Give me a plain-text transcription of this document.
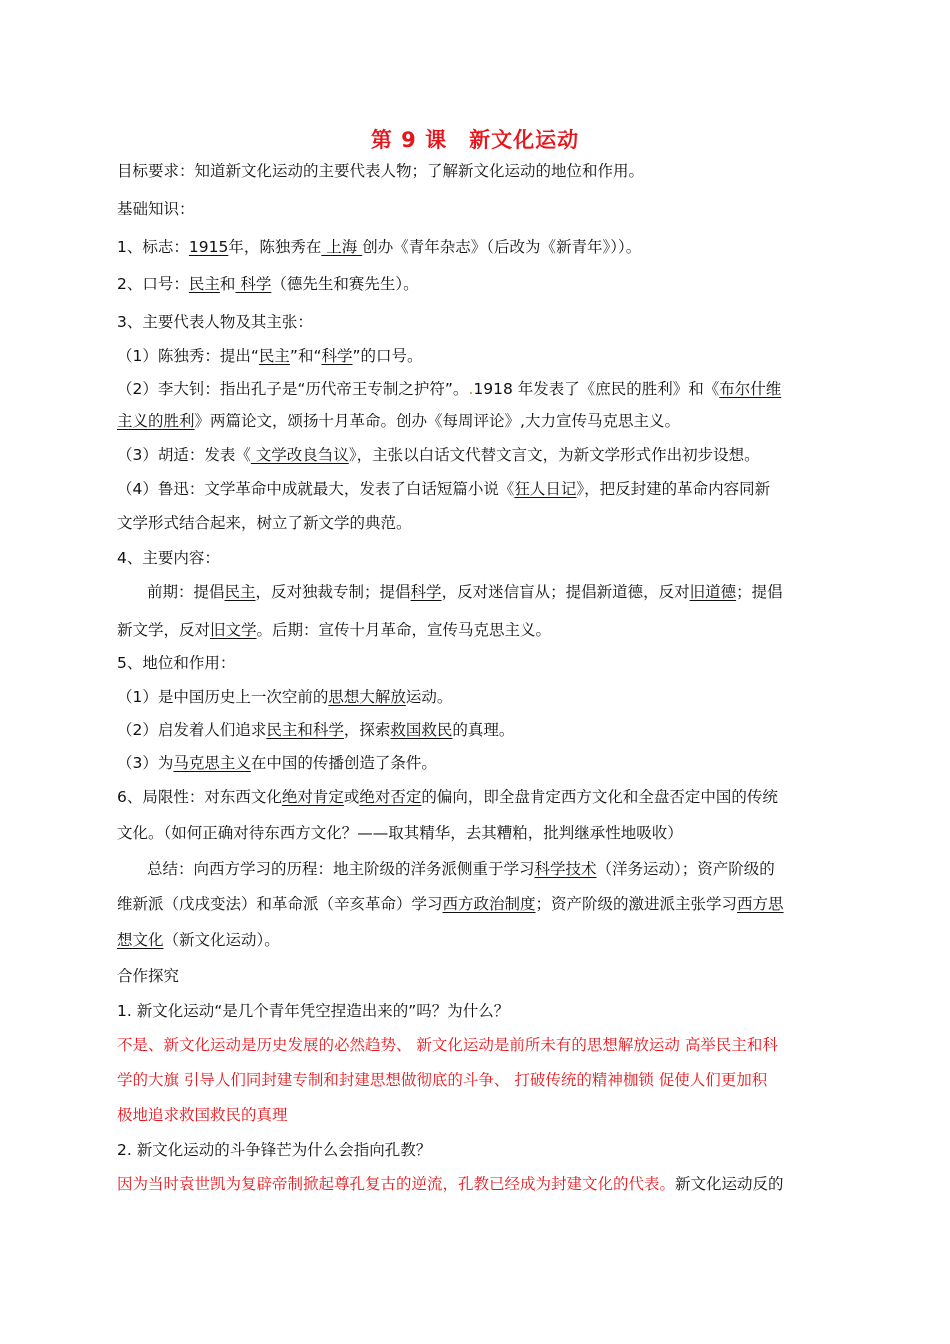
第 9 课　新文化运动
目标要求：知道新文化运动的主要代表人物；了解新文化运动的地位和作用。
基础知识：
1、标志：1915年，陈独秀在 上海 创办《青年杂志》（后改为《新青年》））。
2、口号：民主和 科学（德先生和赛先生）。
3、主要代表人物及其主张：
（1）陈独秀：提出“民主”和“科学”的口号。
（2）李大钊：指出孔子是“历代帝王专制之护符”。.1918 年发表了《庶民的胜利》和《布尔什维
主义的胜利》两篇论文，颂扬十月革命。创办《每周评论》,大力宣传马克思主义。
（3）胡适：发表《 文学改良刍议》，主张以白话文代替文言文，为新文学形式作出初步设想。
（4）鲁迅：文学革命中成就最大，发表了白话短篇小说《狂人日记》，把反封建的革命内容同新
文学形式结合起来，树立了新文学的典范。
4、主要内容：
前期：提倡民主，反对独裁专制；提倡科学，反对迷信盲从；提倡新道德，反对旧道德；提倡
新文学，反对旧文学。后期：宣传十月革命，宣传马克思主义。
5、地位和作用：
（1）是中国历史上一次空前的思想大解放运动。
（2）启发着人们追求民主和科学，探索救国救民的真理。
（3）为马克思主义在中国的传播创造了条件。
6、局限性：对东西文化绝对肯定或绝对否定的偏向，即全盘肯定西方文化和全盘否定中国的传统
文化。（如何正确对待东西方文化？——取其精华，去其糟粕，批判继承性地吸收）
总结：向西方学习的历程：地主阶级的洋务派侧重于学习科学技术（洋务运动）；资产阶级的
维新派（戊戌变法）和革命派（辛亥革命）学习西方政治制度；资产阶级的激进派主张学习西方思
想文化（新文化运动）。
合作探究
1. 新文化运动“是几个青年凭空捏造出来的”吗？为什么？
不是、新文化运动是历史发展的必然趋势、 新文化运动是前所未有的思想解放运动 高举民主和科
学的大旗 引导人们同封建专制和封建思想做彻底的斗争、 打破传统的精神枷锁 促使人们更加积
极地追求救国救民的真理
2. 新文化运动的斗争锋芒为什么会指向孔教？
因为当时袁世凯为复辟帝制掀起尊孔复古的逆流，孔教已经成为封建文化的代表。新文化运动反的
